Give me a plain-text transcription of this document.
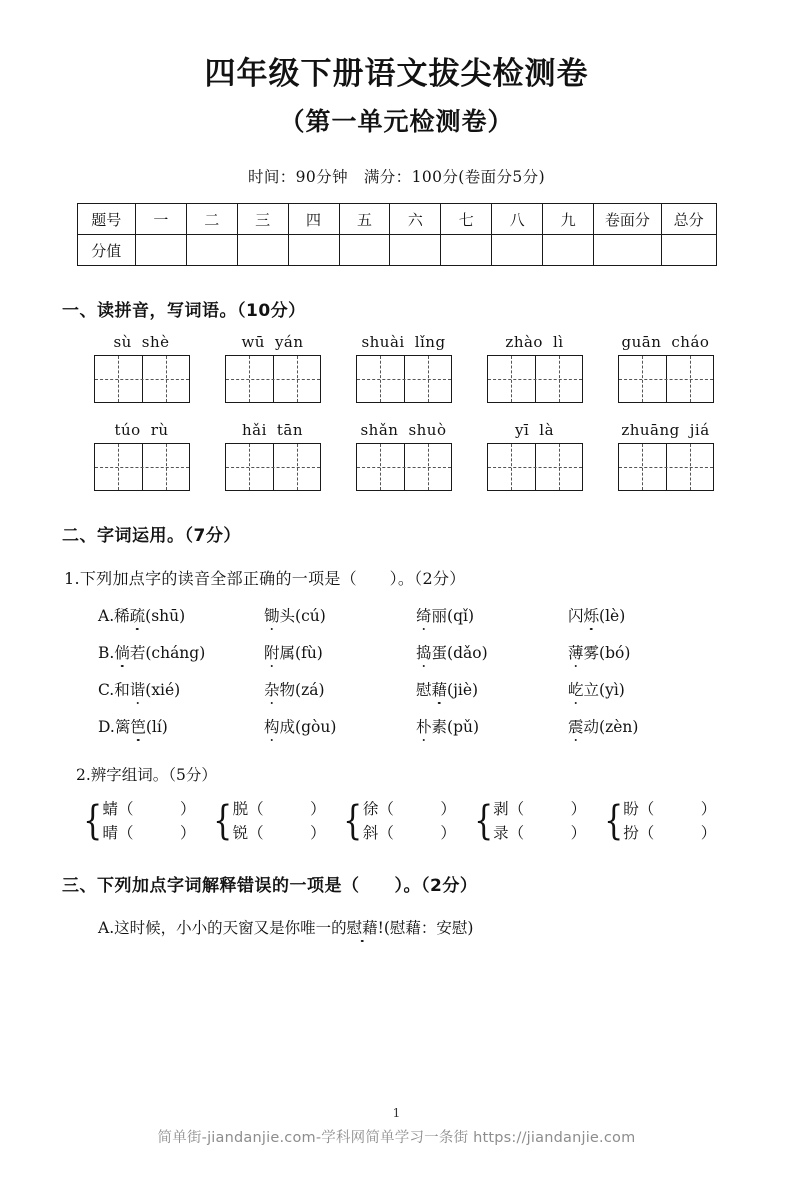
四年级下册语文拔尖检测卷
（第一单元检测卷）
时间：90分钟　满分：100分(卷面分5分)
题号	一	二	三	四	五	六	七	八	九	卷面分	总分
分值											
一、读拼音，写词语。（10分）
sù shè	wū yán	shuài lǐng	zhào lì	guān cháo
túo rù	hǎi tān	shǎn shuò	yī là	zhuāng jiá
二、字词运用。（7分）
1.下列加点字的读音全部正确的一项是（　　）。（2分）
A.稀疏(shū)	锄头(cú)	绮丽(qǐ)	闪烁(lè)
B.倘若(cháng)	附属(fù)	捣蛋(dǎo)	薄雾(bó)
C.和谐(xié)	杂物(zá)	慰藉(jiè)	屹立(yì)
D.篱笆(lí)	构成(gòu)	朴素(pǔ)	震动(zèn)
2.辨字组词。（5分）
{ 蜻（　　　）
晴（　　　） { 脱（　　　）
锐（　　　） { 徐（　　　）
斜（　　　） { 剥（　　　）
录（　　　） { 盼（　　　）
扮（　　　）
三、下列加点字词解释错误的一项是（　　）。（2分）
A.这时候，小小的天窗又是你唯一的慰藉!(慰藉：安慰)
1
简单街-jiandanjie.com-学科网简单学习一条街 https://jiandanjie.com
